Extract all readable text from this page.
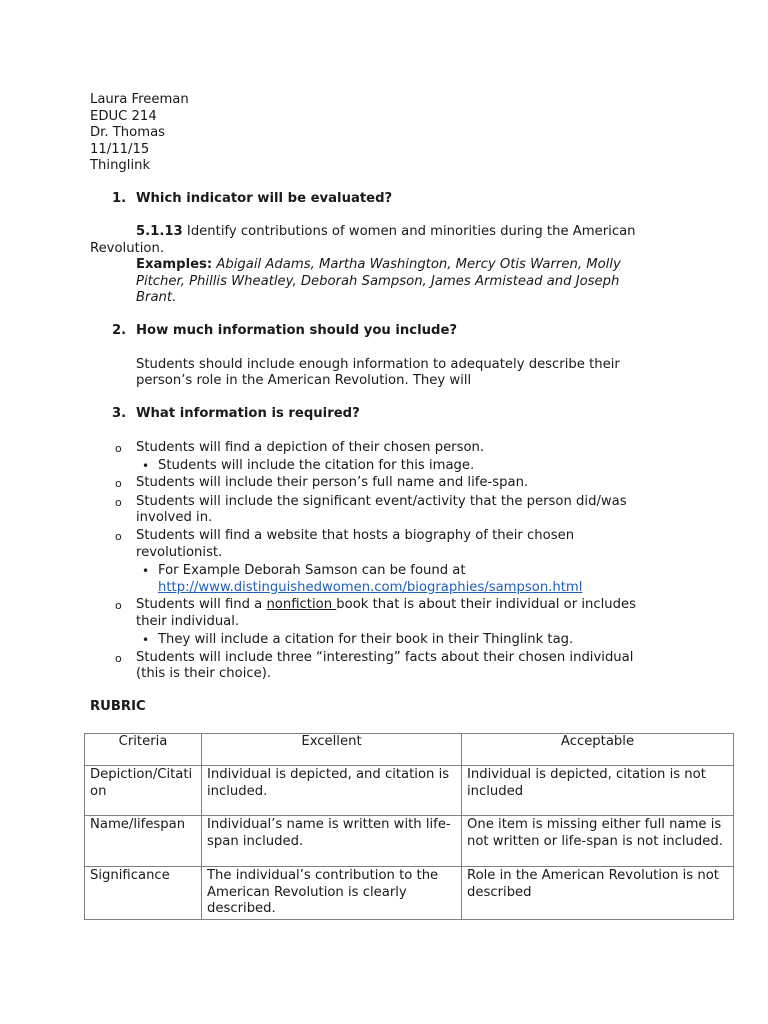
Laura Freeman
EDUC 214
Dr. Thomas
11/11/15
Thinglink
1. Which indicator will be evaluated?
5.1.13 Identify contributions of women and minorities during the American
Revolution.
Examples: Abigail Adams, Martha Washington, Mercy Otis Warren, Molly
Pitcher, Phillis Wheatley, Deborah Sampson, James Armistead and Joseph
Brant.
2. How much information should you include?
Students should include enough information to adequately describe their
person’s role in the American Revolution. They will
3. What information is required?
o Students will find a depiction of their chosen person.
• Students will include the citation for this image.
o Students will include their person’s full name and life-span.
o Students will include the significant event/activity that the person did/was
involved in.
o Students will find a website that hosts a biography of their chosen
revolutionist.
• For Example Deborah Samson can be found at
http://www.distinguishedwomen.com/biographies/sampson.html
o Students will find a nonfiction book that is about their individual or includes
their individual.
• They will include a citation for their book in their Thinglink tag.
o Students will include three “interesting” facts about their chosen individual
(this is their choice).
RUBRIC
Criteria	Excellent	Acceptable
Depiction/Citation	Individual is depicted, and citation is included.	Individual is depicted, citation is not included
Name/lifespan	Individual’s name is written with life-span included.	One item is missing either full name is not written or life-span is not included.
Significance	The individual’s contribution to the American Revolution is clearly described.	Role in the American Revolution is not described
